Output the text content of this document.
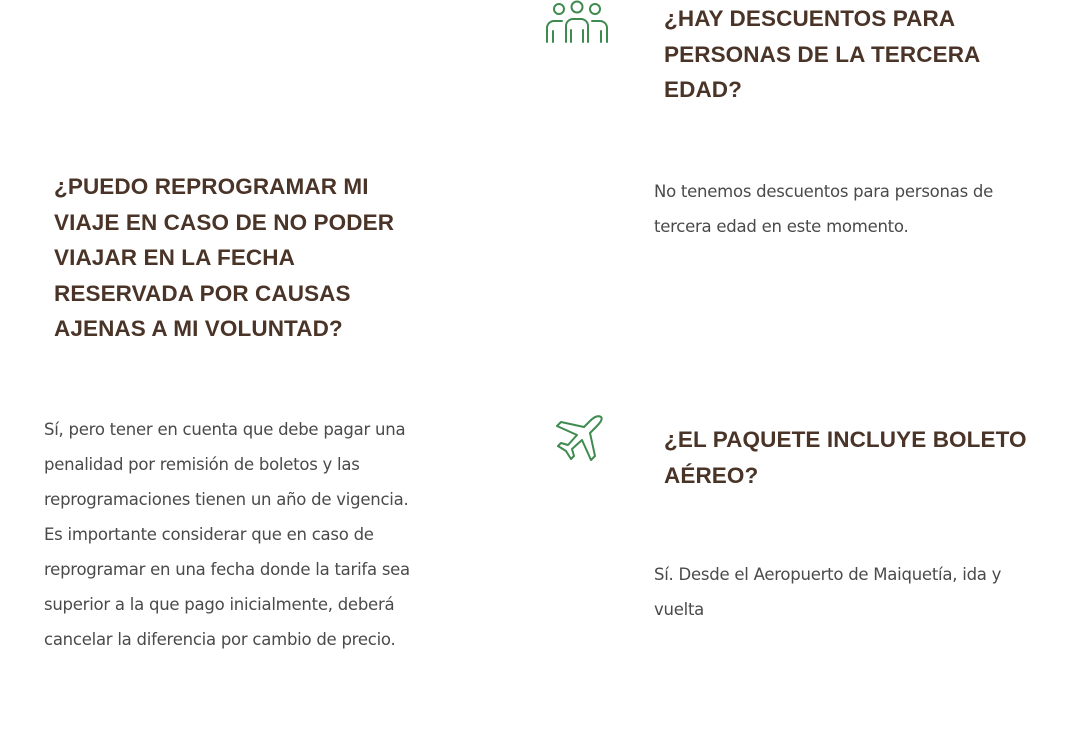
¿HAY DESCUENTOS PARA PERSONAS DE LA TERCERA EDAD?

No tenemos descuentos para personas de tercera edad en este momento.

¿PUEDO REPROGRAMAR MI VIAJE EN CASO DE NO PODER VIAJAR EN LA FECHA RESERVADA POR CAUSAS AJENAS A MI VOLUNTAD?

Sí, pero tener en cuenta que debe pagar una penalidad por remisión de boletos y las reprogramaciones tienen un año de vigencia. Es importante considerar que en caso de reprogramar en una fecha donde la tarifa sea superior a la que pago inicialmente, deberá cancelar la diferencia por cambio de precio.

¿EL PAQUETE INCLUYE BOLETO AÉREO?

Sí. Desde el Aeropuerto de Maiquetía, ida y vuelta
